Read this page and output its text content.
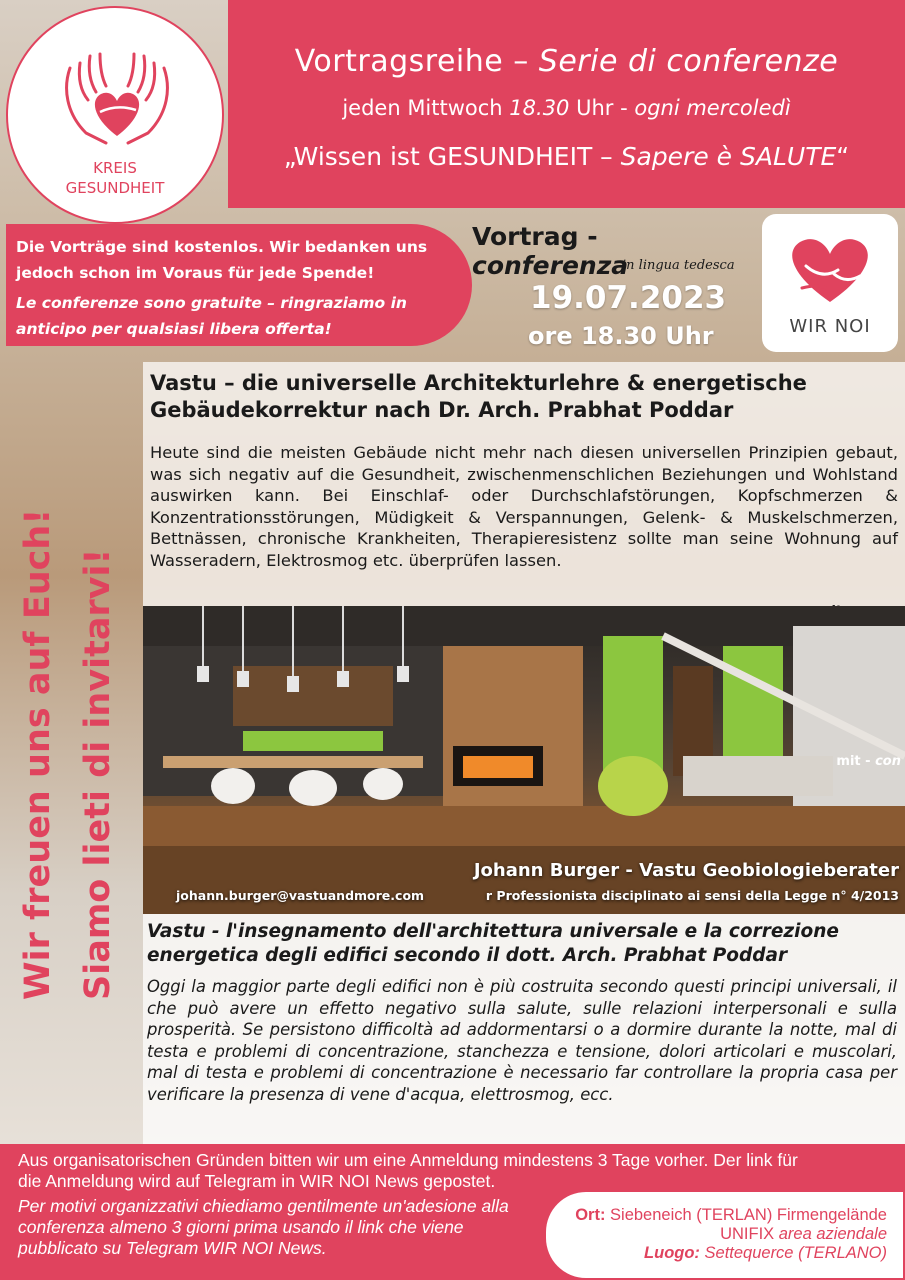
Vortragsreihe – Serie di conferenze
jeden Mittwoch 18.30 Uhr - ogni mercoledì
„Wissen ist GESUNDHEIT – Sapere è SALUTE“
KREIS
GESUNDHEIT
Die Vorträge sind kostenlos. Wir bedanken uns jedoch schon im Voraus für jede Spende!
Le conferenze sono gratuite – ringraziamo in anticipo per qualsiasi libera offerta!
Vortrag - conferenza
in lingua tedesca
19.07.2023
ore 18.30 Uhr	WIR NOI
Wir freuen uns auf Euch! Siamo lieti di invitarvi!
Vastu – die universelle Architekturlehre & energetische Gebäudekorrektur nach Dr. Arch. Prabhat Poddar
Heute sind die meisten Gebäude nicht mehr nach diesen universellen Prinzipien gebaut, was sich negativ auf die Gesundheit, zwischenmenschlichen Beziehungen und Wohlstand auswirken kann. Bei Einschlaf- oder Durchschlafstörungen, Kopfschmerzen & Konzentrationsstörungen, Müdigkeit & Verspannungen, Gelenk- & Muskelschmerzen, Bettnässen, chronische Krankheiten, Therapieresistenz sollte man seine Wohnung auf Wasseradern, Elektrosmog etc. überprüfen lassen.
mit - con
Johann Burger - Vastu Geobiologieberater
johann.burger@vastuandmore.com	r Professionista disciplinato ai sensi della Legge n° 4/2013
Vastu - l'insegnamento dell'architettura universale e la correzione energetica degli edifici secondo il dott. Arch. Prabhat Poddar
Oggi la maggior parte degli edifici non è più costruita secondo questi principi universali, il che può avere un effetto negativo sulla salute, sulle relazioni interpersonali e sulla prosperità. Se persistono difficoltà ad addormentarsi o a dormire durante la notte, mal di testa e problemi di concentrazione, stanchezza e tensione, dolori articolari e muscolari, mal di testa e problemi di concentrazione è necessario far controllare la propria casa per verificare la presenza di vene d'acqua, elettrosmog, ecc.
Aus organisatorischen Gründen bitten wir um eine Anmeldung mindestens 3 Tage vorher. Der link für die Anmeldung wird auf Telegram in WIR NOI News gepostet.
Per motivi organizzativi chiediamo gentilmente un'adesione alla conferenza almeno 3 giorni prima usando il link che viene pubblicato su Telegram WIR NOI News.
Ort: Siebeneich (TERLAN) Firmengelände UNIFIX area aziendale
Luogo: Settequerce (TERLANO)
